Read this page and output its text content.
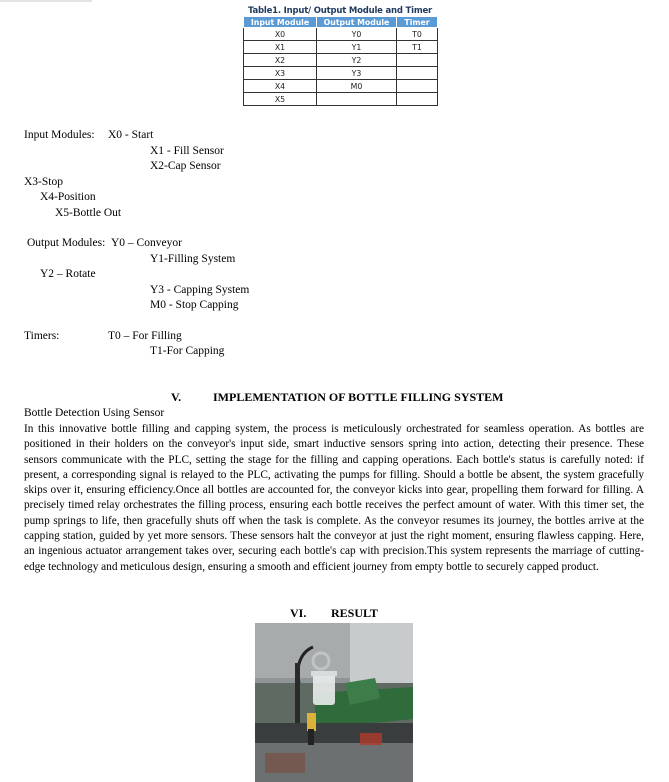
Table1. Input/ Output Module and Timer
Input Module	Output Module	Timer
X0	Y0	T0
X1	Y1	T1
X2	Y2	
X3	Y3	
X4	M0	
X5		
Input Modules: X0 - Start
X1 - Fill Sensor
X2-Cap Sensor
X3-Stop
X4-Position
X5-Bottle Out
Output Modules: Y0 – Conveyor
Y1-Filling System
Y2 – Rotate
Y3 - Capping System
M0 - Stop Capping
Timers:	T0 – For Filling
T1-For Capping
V.	IMPLEMENTATION OF BOTTLE FILLING SYSTEM
Bottle Detection Using Sensor

In this innovative bottle filling and capping system, the process is meticulously orchestrated for seamless operation. As bottles are positioned in their holders on the conveyor's input side, smart inductive sensors spring into action, detecting their presence. These sensors communicate with the PLC, setting the stage for the filling and capping operations. Each bottle's status is carefully noted: if present, a corresponding signal is relayed to the PLC, activating the pumps for filling. Should a bottle be absent, the system gracefully skips over it, ensuring efficiency.Once all bottles are accounted for, the conveyor kicks into gear, propelling them forward for filling. A precisely timed relay orchestrates the filling process, ensuring each bottle receives the perfect amount of water. With this timer set, the pump springs to life, then gracefully shuts off when the task is complete. As the conveyor resumes its journey, the bottles arrive at the capping station, guided by yet more sensors. These sensors halt the conveyor at just the right moment, ensuring flawless capping. Here, an ingenious actuator arrangement takes over, securing each bottle's cap with precision.This system represents the marriage of cutting-edge technology and meticulous design, ensuring a smooth and efficient journey from empty bottle to securely capped product.

VI. RESULT
